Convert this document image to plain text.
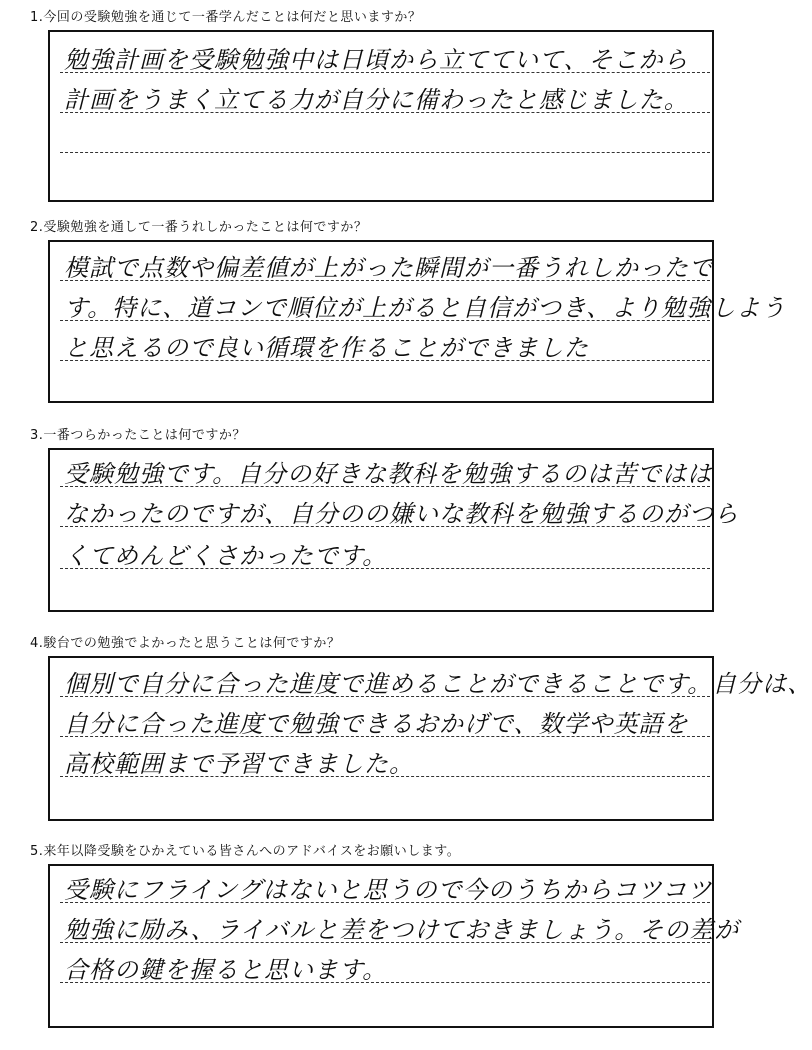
1.今回の受験勉強を通じて一番学んだことは何だと思いますか？
勉強計画を受験勉強中は日頃から立てていて、そこから
計画をうまく立てる力が自分に備わったと感じました。
2.受験勉強を通して一番うれしかったことは何ですか？
模試で点数や偏差値が上がった瞬間が一番うれしかったで
す。特に、道コンで順位が上がると自信がつき、より勉強しよう
と思えるので良い循環を作ることができました
3.一番つらかったことは何ですか？
受験勉強です。自分の好きな教科を勉強するのは苦ではは
なかったのですが、自分のの嫌いな教科を勉強するのがつら
くてめんどくさかったです。
4.駿台での勉強でよかったと思うことは何ですか？
個別で自分に合った進度で進めることができることです。自分は、
自分に合った進度で勉強できるおかげで、数学や英語を
高校範囲まで予習できました。
5.来年以降受験をひかえている皆さんへのアドバイスをお願いします。
受験にフライングはないと思うので今のうちからコツコツ
勉強に励み、ライバルと差をつけておきましょう。その差が
合格の鍵を握ると思います。
